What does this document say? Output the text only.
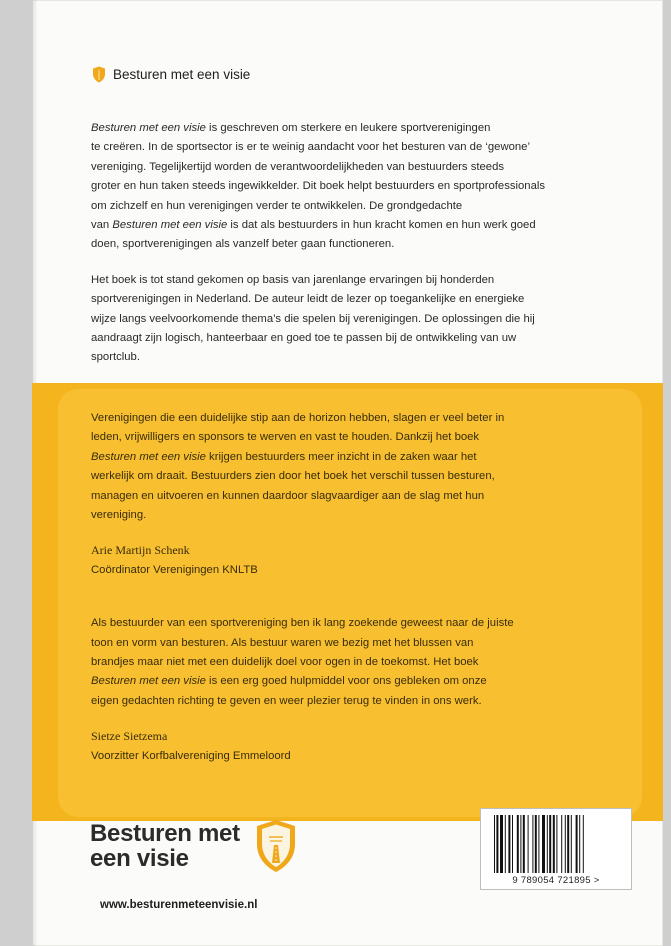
Besturen met een visie

Besturen met een visie is geschreven om sterkere en leukere sportverenigingen
te creëren. In de sportsector is er te weinig aandacht voor het besturen van de ‘gewone’
vereniging. Tegelijkertijd worden de verantwoordelijkheden van bestuurders steeds
groter en hun taken steeds ingewikkelder. Dit boek helpt bestuurders en sportprofessionals
om zichzelf en hun verenigingen verder te ontwikkelen. De grondgedachte
van Besturen met een visie is dat als bestuurders in hun kracht komen en hun werk goed
doen, sportverenigingen als vanzelf beter gaan functioneren.

Het boek is tot stand gekomen op basis van jarenlange ervaringen bij honderden
sportverenigingen in Nederland. De auteur leidt de lezer op toegankelijke en energieke
wijze langs veelvoorkomende thema’s die spelen bij verenigingen. De oplossingen die hij
aandraagt zijn logisch, hanteerbaar en goed toe te passen bij de ontwikkeling van uw
sportclub.

Verenigingen die een duidelijke stip aan de horizon hebben, slagen er veel beter in
leden, vrijwilligers en sponsors te werven en vast te houden. Dankzij het boek
Besturen met een visie krijgen bestuurders meer inzicht in de zaken waar het
werkelijk om draait. Bestuurders zien door het boek het verschil tussen besturen,
managen en uitvoeren en kunnen daardoor slagvaardiger aan de slag met hun
vereniging.
Arie Martijn Schenk
Coördinator Verenigingen KNLTB
Als bestuurder van een sportvereniging ben ik lang zoekende geweest naar de juiste
toon en vorm van besturen. Als bestuur waren we bezig met het blussen van
brandjes maar niet met een duidelijk doel voor ogen in de toekomst. Het boek
Besturen met een visie is een erg goed hulpmiddel voor ons gebleken om onze
eigen gedachten richting te geven en weer plezier terug te vinden in ons werk.
Sietze Sietzema
Voorzitter Korfbalvereniging Emmeloord
Besturen met
een visie
www.besturenmeteenvisie.nl
9 789054 721895 >
